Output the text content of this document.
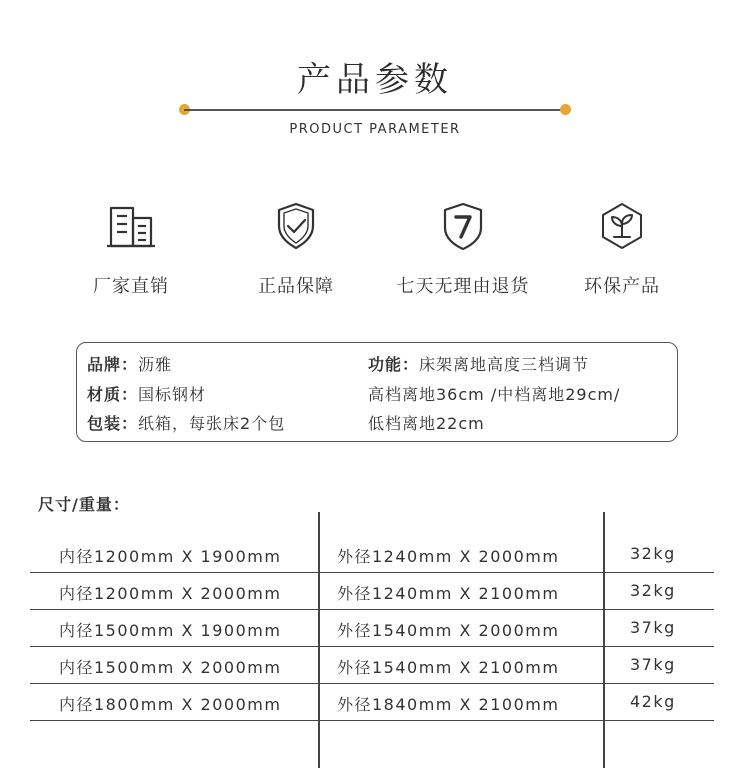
产品参数
PRODUCT PARAMETER
厂家直销	正品保障	七天无理由退货	环保产品
品牌：沥雅
材质：国标钢材
包装：纸箱，每张床2个包
功能：床架离地高度三档调节
高档离地36cm /中档离地29cm/
低档离地22cm
尺寸/重量：
内径1200mm X 1900mm	外径1240mm X 2000mm	32kg
内径1200mm X 2000mm	外径1240mm X 2100mm	32kg
内径1500mm X 1900mm	外径1540mm X 2000mm	37kg
内径1500mm X 2000mm	外径1540mm X 2100mm	37kg
内径1800mm X 2000mm	外径1840mm X 2100mm	42kg
